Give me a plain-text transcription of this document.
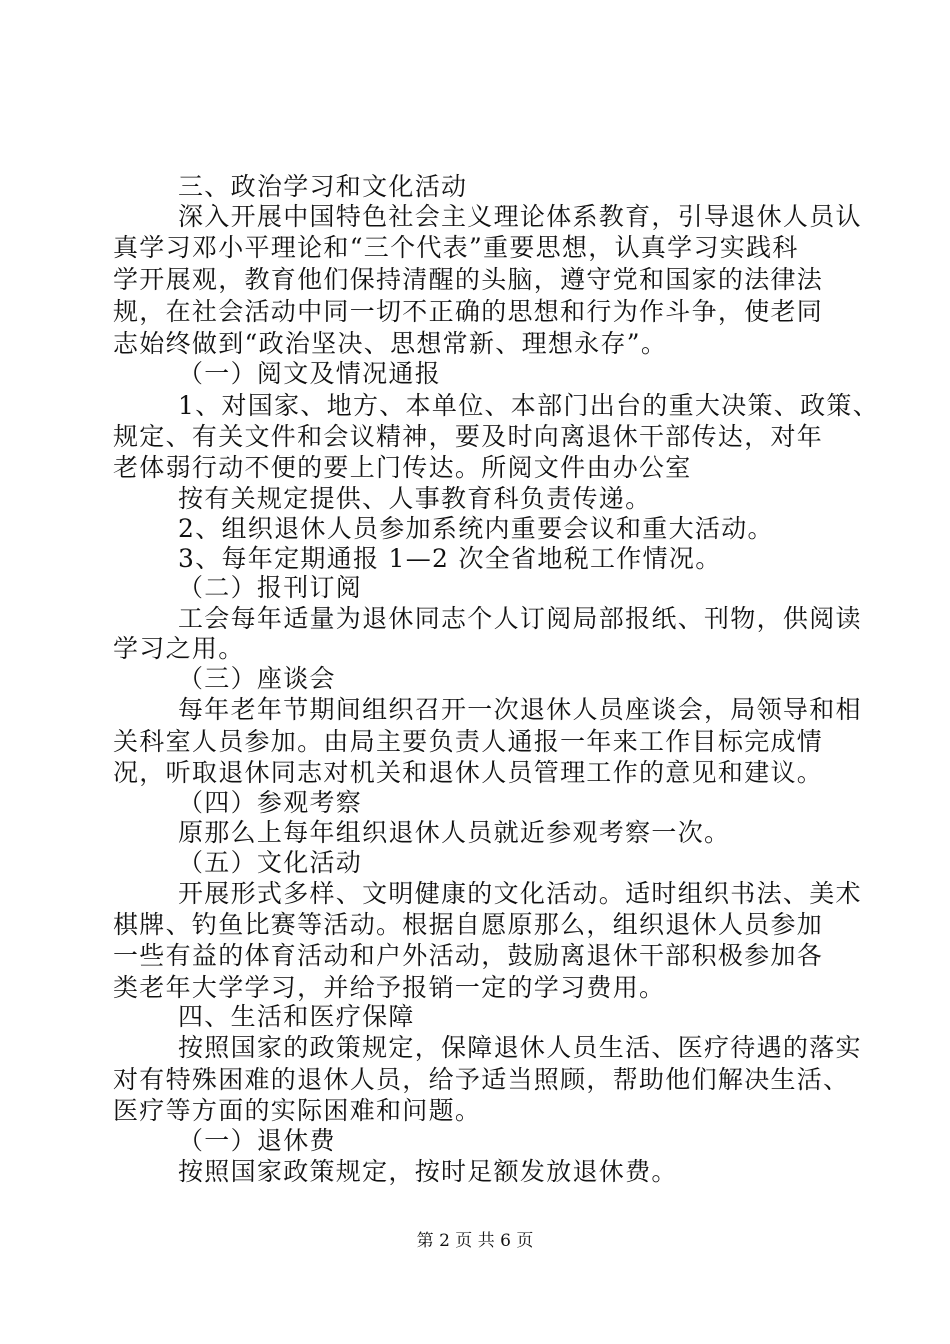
三、政治学习和文化活动
深入开展中国特色社会主义理论体系教育，引导退休人员认
真学习邓小平理论和“三个代表”重要思想，认真学习实践科
学开展观，教育他们保持清醒的头脑，遵守党和国家的法律法
规，在社会活动中同一切不正确的思想和行为作斗争，使老同
志始终做到“政治坚决、思想常新、理想永存”。
（一）阅文及情况通报
1、对国家、地方、本单位、本部门出台的重大决策、政策、
规定、有关文件和会议精神，要及时向离退休干部传达，对年
老体弱行动不便的要上门传达。所阅文件由办公室
按有关规定提供、人事教育科负责传递。
2、组织退休人员参加系统内重要会议和重大活动。
3、每年定期通报 1—2 次全省地税工作情况。
（二）报刊订阅
工会每年适量为退休同志个人订阅局部报纸、刊物，供阅读
学习之用。
（三）座谈会
每年老年节期间组织召开一次退休人员座谈会，局领导和相
关科室人员参加。由局主要负责人通报一年来工作目标完成情
况，听取退休同志对机关和退休人员管理工作的意见和建议。
（四）参观考察
原那么上每年组织退休人员就近参观考察一次。
（五）文化活动
开展形式多样、文明健康的文化活动。适时组织书法、美术
棋牌、钓鱼比赛等活动。根据自愿原那么，组织退休人员参加
一些有益的体育活动和户外活动，鼓励离退休干部积极参加各
类老年大学学习，并给予报销一定的学习费用。
四、生活和医疗保障
按照国家的政策规定，保障退休人员生活、医疗待遇的落实
对有特殊困难的退休人员，给予适当照顾，帮助他们解决生活、
医疗等方面的实际困难和问题。
（一）退休费
按照国家政策规定，按时足额发放退休费。
第 2 页 共 6 页
